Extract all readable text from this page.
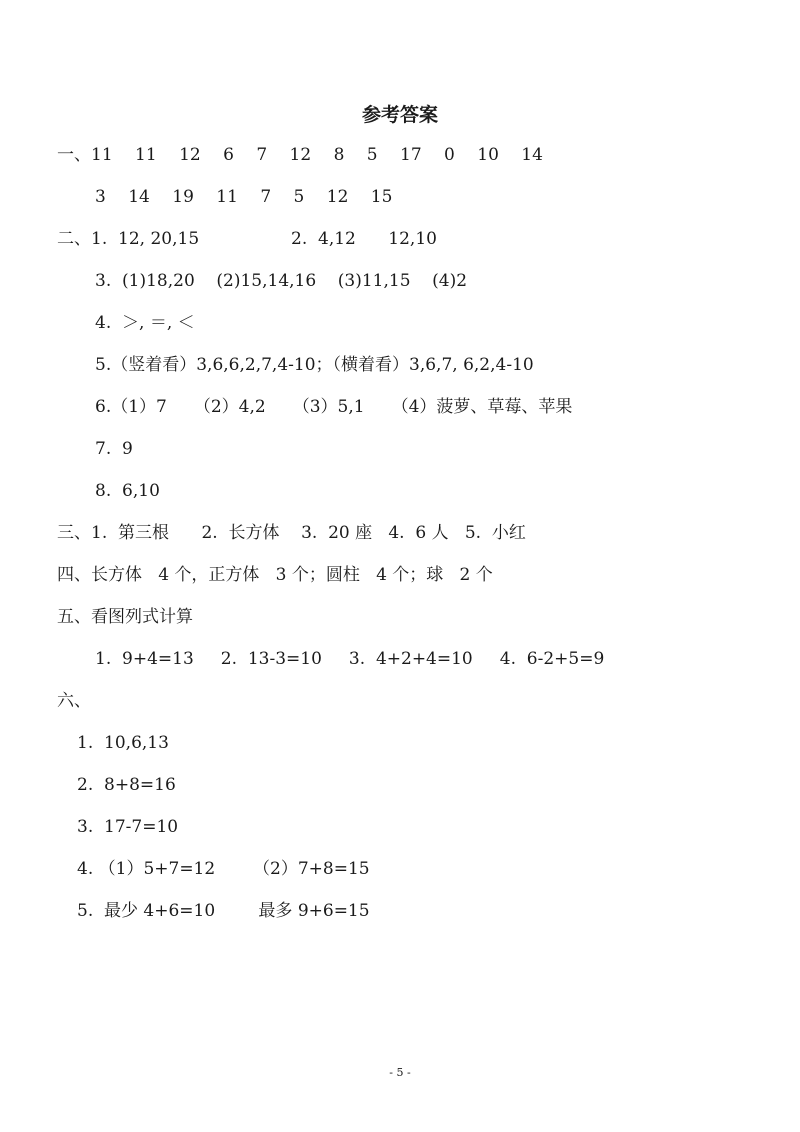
参考答案
一、11　 11　 12　 6　 7　 12　 8　 5　 17　 0　 10　 14
3　 14　 19　 11　 7　 5　 12　 15
二、1.  12, 20,15                 2.  4,12      12,10
3.  (1)18,20    (2)15,14,16    (3)11,15    (4)2
4.  ＞, ＝, ＜
5.（竖着看）3,6,6,2,7,4-10；（横着看）3,6,7, 6,2,4-10
6.（1）7     （2）4,2     （3）5,1     （4）菠萝、草莓、苹果
7.  9
8.  6,10
三、1.  第三根      2.  长方体    3.  20 座   4.  6 人   5.  小红
四、长方体   4 个，正方体   3 个；圆柱   4 个；球   2 个
五、看图列式计算
1.  9+4=13     2.  13-3=10     3.  4+2+4=10     4.  6-2+5=9
六、
1.  10,6,13
2.  8+8=16
3.  17-7=10
4. （1）5+7=12       （2）7+8=15
5.  最少 4+6=10        最多 9+6=15
- 5 -
